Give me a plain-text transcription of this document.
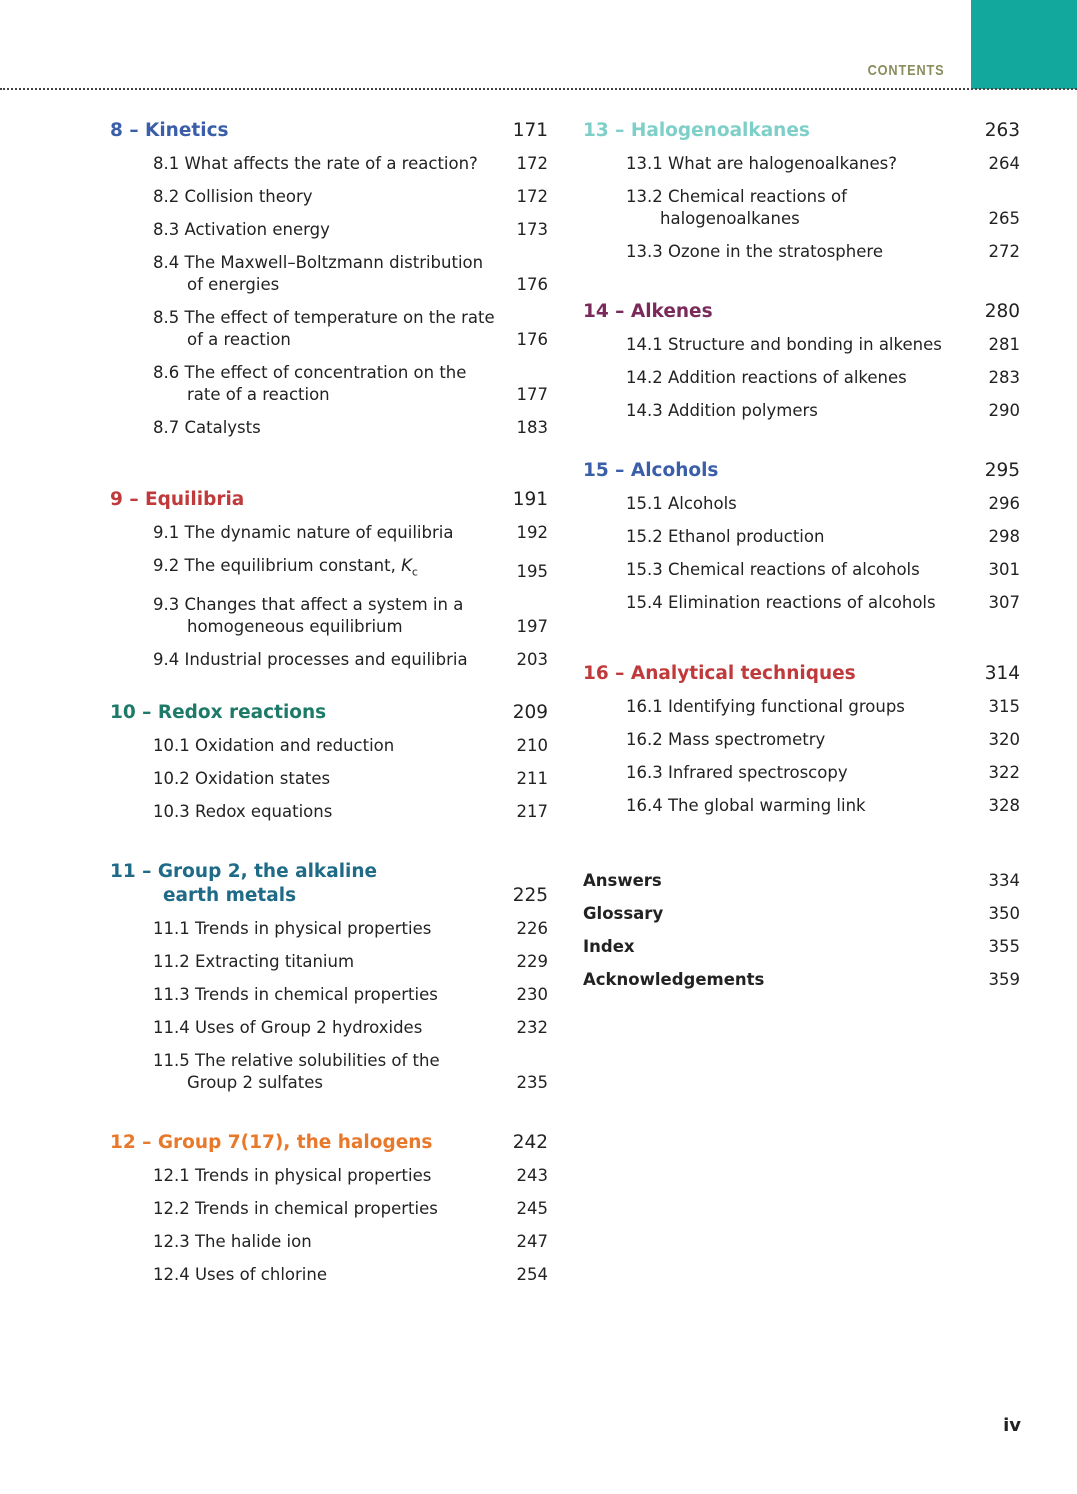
CONTENTS
8 – Kinetics	171
8.1 What affects the rate of a reaction? 172
8.2 Collision theory	172
8.3 Activation energy	173
8.4 The Maxwell–Boltzmann distribution
of energies	176
8.5 The effect of temperature on the rate
of a reaction	176
8.6 The effect of concentration on the
rate of a reaction	177
8.7 Catalysts	183
9 – Equilibria	191
9.1 The dynamic nature of equilibria	192
9.2 The equilibrium constant, $K_c$	195
9.3 Changes that affect a system in a
homogeneous equilibrium	197
9.4 Industrial processes and equilibria	203
10 – Redox reactions	209
10.1 Oxidation and reduction	210
10.2 Oxidation states	211
10.3 Redox equations	217
11 – Group 2, the alkaline
earth metals	225
11.1 Trends in physical properties	226
11.2 Extracting titanium	229
11.3 Trends in chemical properties	230
11.4 Uses of Group 2 hydroxides	232
11.5 The relative solubilities of the
Group 2 sulfates	235
12 – Group 7(17), the halogens	242
12.1 Trends in physical properties	243
12.2 Trends in chemical properties	245
12.3 The halide ion	247
12.4 Uses of chlorine	254
13 – Halogenoalkanes	263
13.1 What are halogenoalkanes?	264
13.2 Chemical reactions of
halogenoalkanes	265
13.3 Ozone in the stratosphere	272
14 – Alkenes	280
14.1 Structure and bonding in alkenes	281
14.2 Addition reactions of alkenes	283
14.3 Addition polymers	290
15 – Alcohols	295
15.1 Alcohols	296
15.2 Ethanol production	298
15.3 Chemical reactions of alcohols	301
15.4 Elimination reactions of alcohols	307
16 – Analytical techniques	314
16.1 Identifying functional groups	315
16.2 Mass spectrometry	320
16.3 Infrared spectroscopy	322
16.4 The global warming link	328
Answers	334
Glossary	350
Index	355
Acknowledgements	359
iv
